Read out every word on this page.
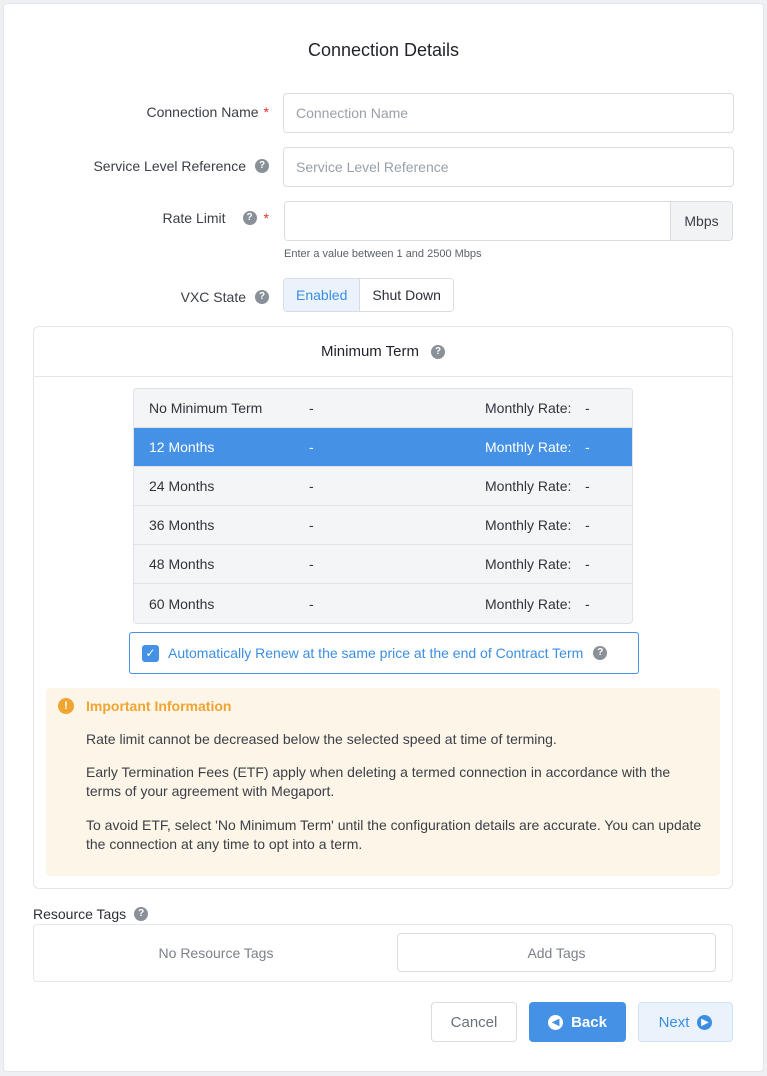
Connection Details
Connection Name *
Connection Name
Service Level Reference	?
Service Level Reference
Rate Limit	? *	Mbps
Enter a value between 1 and 2500 Mbps
VXC State	?	Enabled	Shut Down
Minimum Term	?
No Minimum Term	-	Monthly Rate: -
12 Months	-	Monthly Rate: -
24 Months	-	Monthly Rate: -
36 Months	-	Monthly Rate: -
48 Months	-	Monthly Rate: -
60 Months	-	Monthly Rate: -
✓ Automatically Renew at the same price at the end of Contract Term	?
!	Important Information

Rate limit cannot be decreased below the selected speed at time of terming.

Early Termination Fees (ETF) apply when deleting a termed connection in accordance with the terms of your agreement with Megaport.

To avoid ETF, select 'No Minimum Term' until the configuration details are accurate. You can update the connection at any time to opt into a term.

Resource Tags	?
No Resource Tags	Add Tags
Cancel	◀ Back	Next	▶
